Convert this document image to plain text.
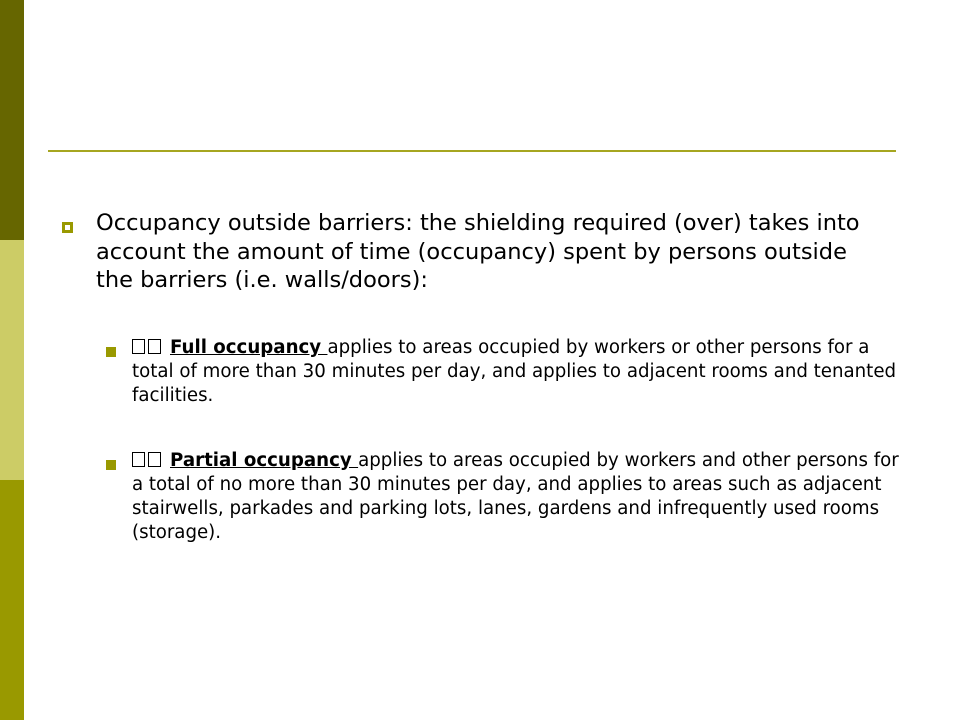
Occupancy outside barriers: the shielding required (over) takes into account the amount of time (occupancy) spent by persons outside the barriers (i.e. walls/doors):
Full occupancy applies to areas occupied by workers or other persons for a total of more than 30 minutes per day, and applies to adjacent rooms and tenanted facilities.
Partial occupancy applies to areas occupied by workers and other persons for a total of no more than 30 minutes per day, and applies to areas such as adjacent stairwells, parkades and parking lots, lanes, gardens and infrequently used rooms (storage).
